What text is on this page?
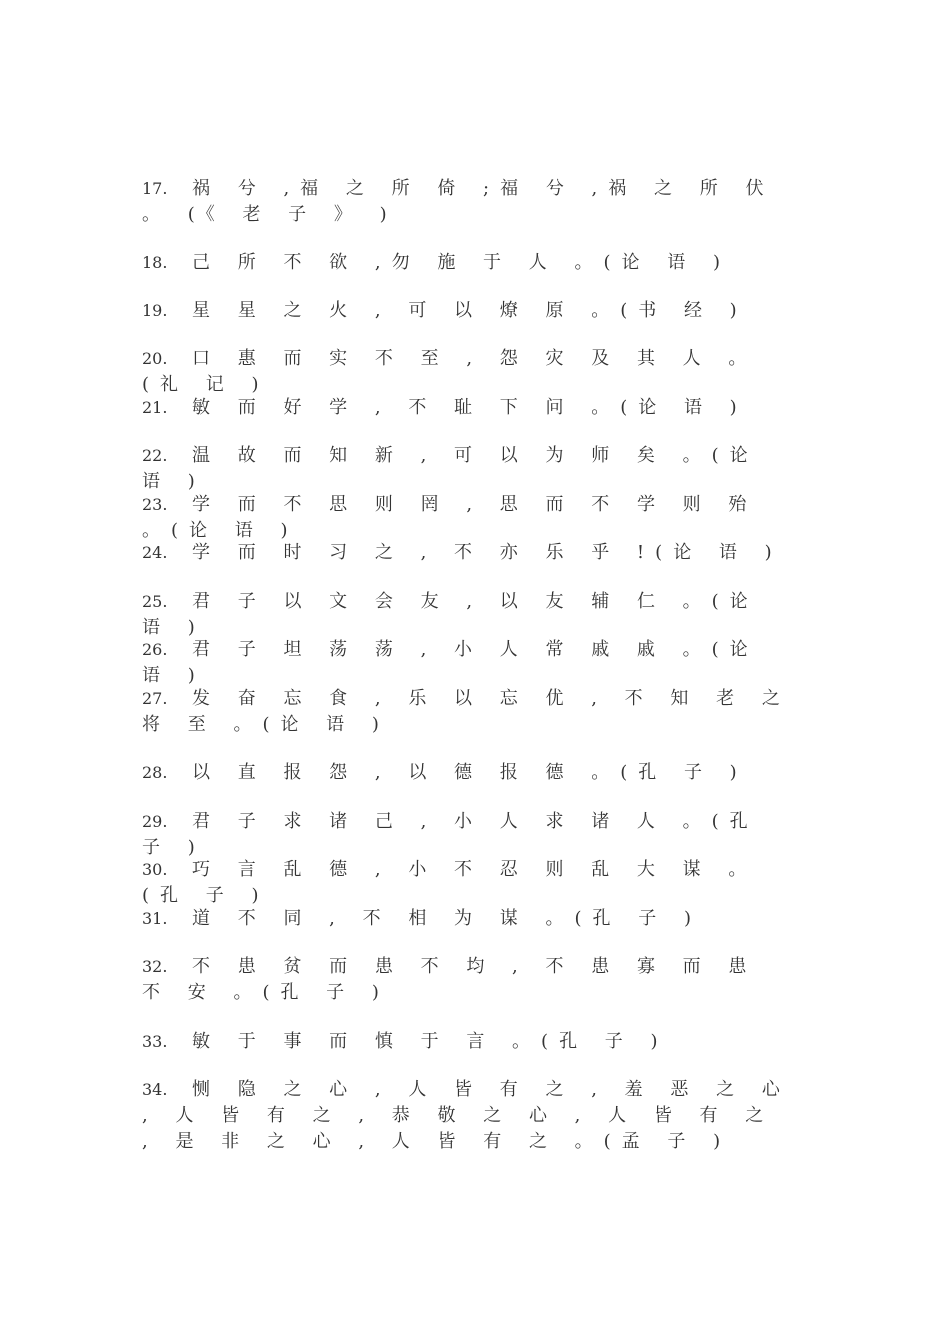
17. 祸 兮 ,福 之 所 倚 ;福 兮 ,祸 之 所 伏 。 (《 老 子 》 )
18. 己 所 不 欲 ,勿 施 于 人 。(论 语 )
19. 星 星 之 火 , 可 以 燎 原 。(书 经 )
20. 口 惠 而 实 不 至 , 怨 灾 及 其 人 。(礼 记 )
21. 敏 而 好 学 , 不 耻 下 问 。(论 语 )
22. 温 故 而 知 新 , 可 以 为 师 矣 。(论 语 )
23. 学 而 不 思 则 罔 , 思 而 不 学 则 殆 。(论 语 )
24. 学 而 时 习 之 , 不 亦 乐 乎 !(论 语 )
25. 君 子 以 文 会 友 , 以 友 辅 仁 。(论 语 )
26. 君 子 坦 荡 荡 , 小 人 常 戚 戚 。(论 语 )
27. 发 奋 忘 食 , 乐 以 忘 优 , 不 知 老 之 将 至 。(论 语 )
28. 以 直 报 怨 , 以 德 报 德 。(孔 子 )
29. 君 子 求 诸 己 , 小 人 求 诸 人 。(孔 子 )
30. 巧 言 乱 德 , 小 不 忍 则 乱 大 谋 。(孔 子 )
31. 道 不 同 , 不 相 为 谋 。(孔 子 )
32. 不 患 贫 而 患 不 均 , 不 患 寡 而 患 不 安 。(孔 子 )
33. 敏 于 事 而 慎 于 言 。(孔 子 )
34. 恻 隐 之 心 , 人 皆 有 之 , 羞 恶 之 心 , 人 皆 有 之 , 恭 敬 之 心 , 人 皆 有 之 , 是 非 之 心 , 人 皆 有 之 。(孟 子 )
